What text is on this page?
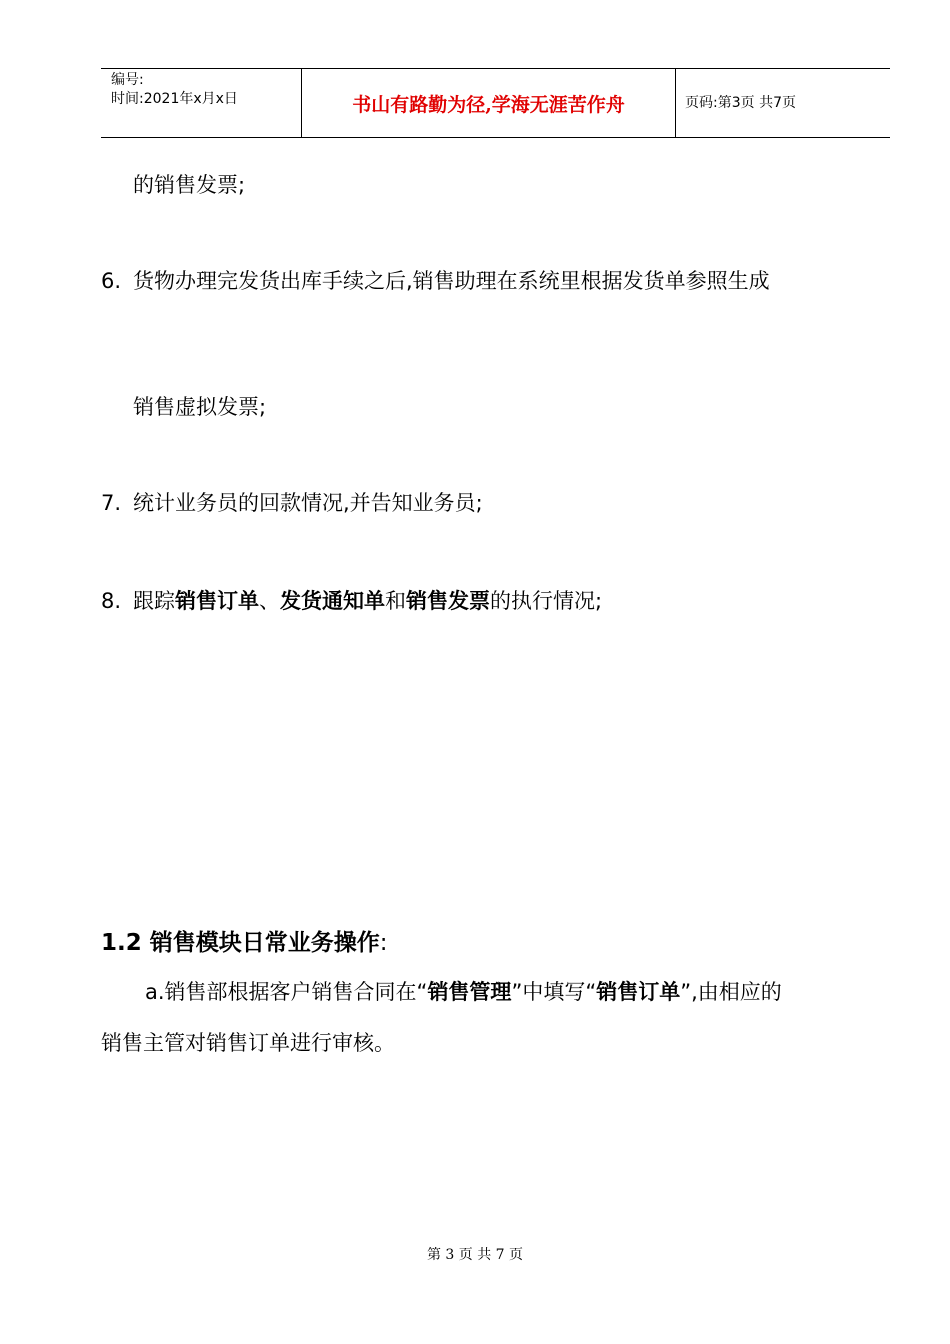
编号:
时间:2021年x月x日	书山有路勤为径,学海无涯苦作舟	页码:第3页 共7页
的销售发票;
6. 货物办理完发货出库手续之后,销售助理在系统里根据发货单参照生成
销售虚拟发票;
7. 统计业务员的回款情况,并告知业务员;
8. 跟踪销售订单、发货通知单和销售发票的执行情况;
1.2 销售模块日常业务操作:
a.销售部根据客户销售合同在“销售管理”中填写“销售订单”,由相应的
销售主管对销售订单进行审核。
第 3 页 共 7 页
